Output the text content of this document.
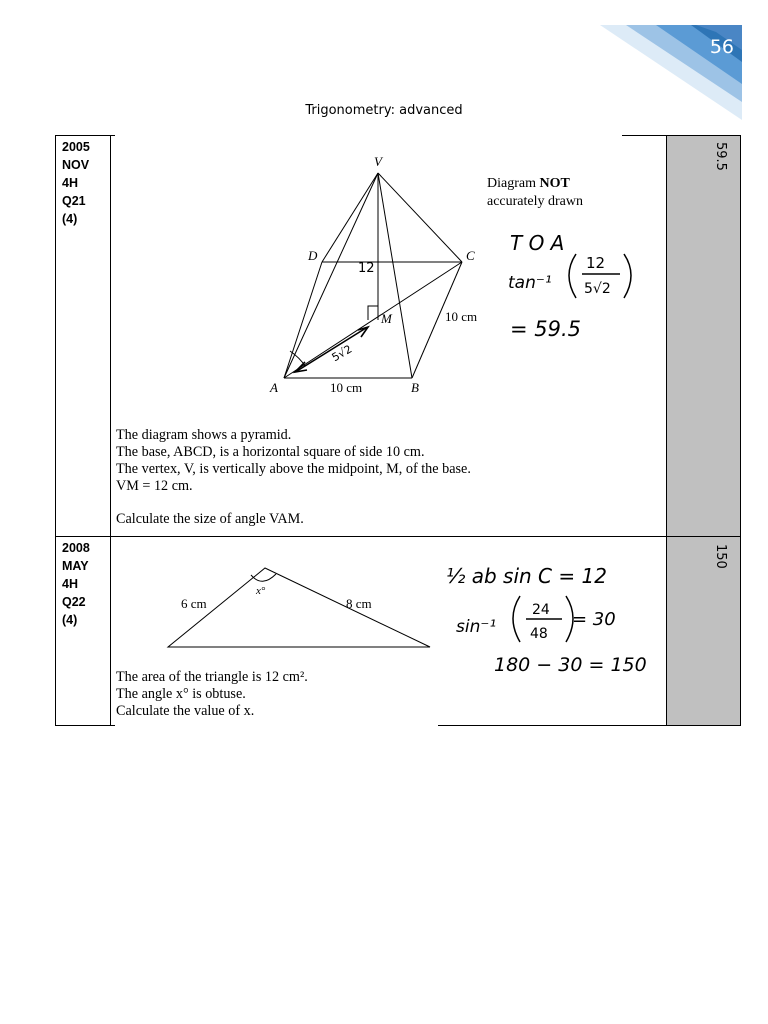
56
Trigonometry: advanced
2005
NOV
4H
Q21
(4)
59.5
V
D	C
M
A	B
10 cm
10 cm
12
5√2
Diagram NOT
accurately drawn
T O A
tan⁻¹
12
5√2
= 59.5
The diagram shows a pyramid.
The base, ABCD, is a horizontal square of side 10 cm.
The vertex, V, is vertically above the midpoint, M, of the base.
VM = 12 cm.
Calculate the size of angle VAM.
2008
MAY
4H
Q22
(4)
150
6 cm	8 cm
x°
½ ab sin C = 12
sin⁻¹
24
48
= 30
180 − 30 = 150
The area of the triangle is 12 cm².
The angle x° is obtuse.
Calculate the value of x.
